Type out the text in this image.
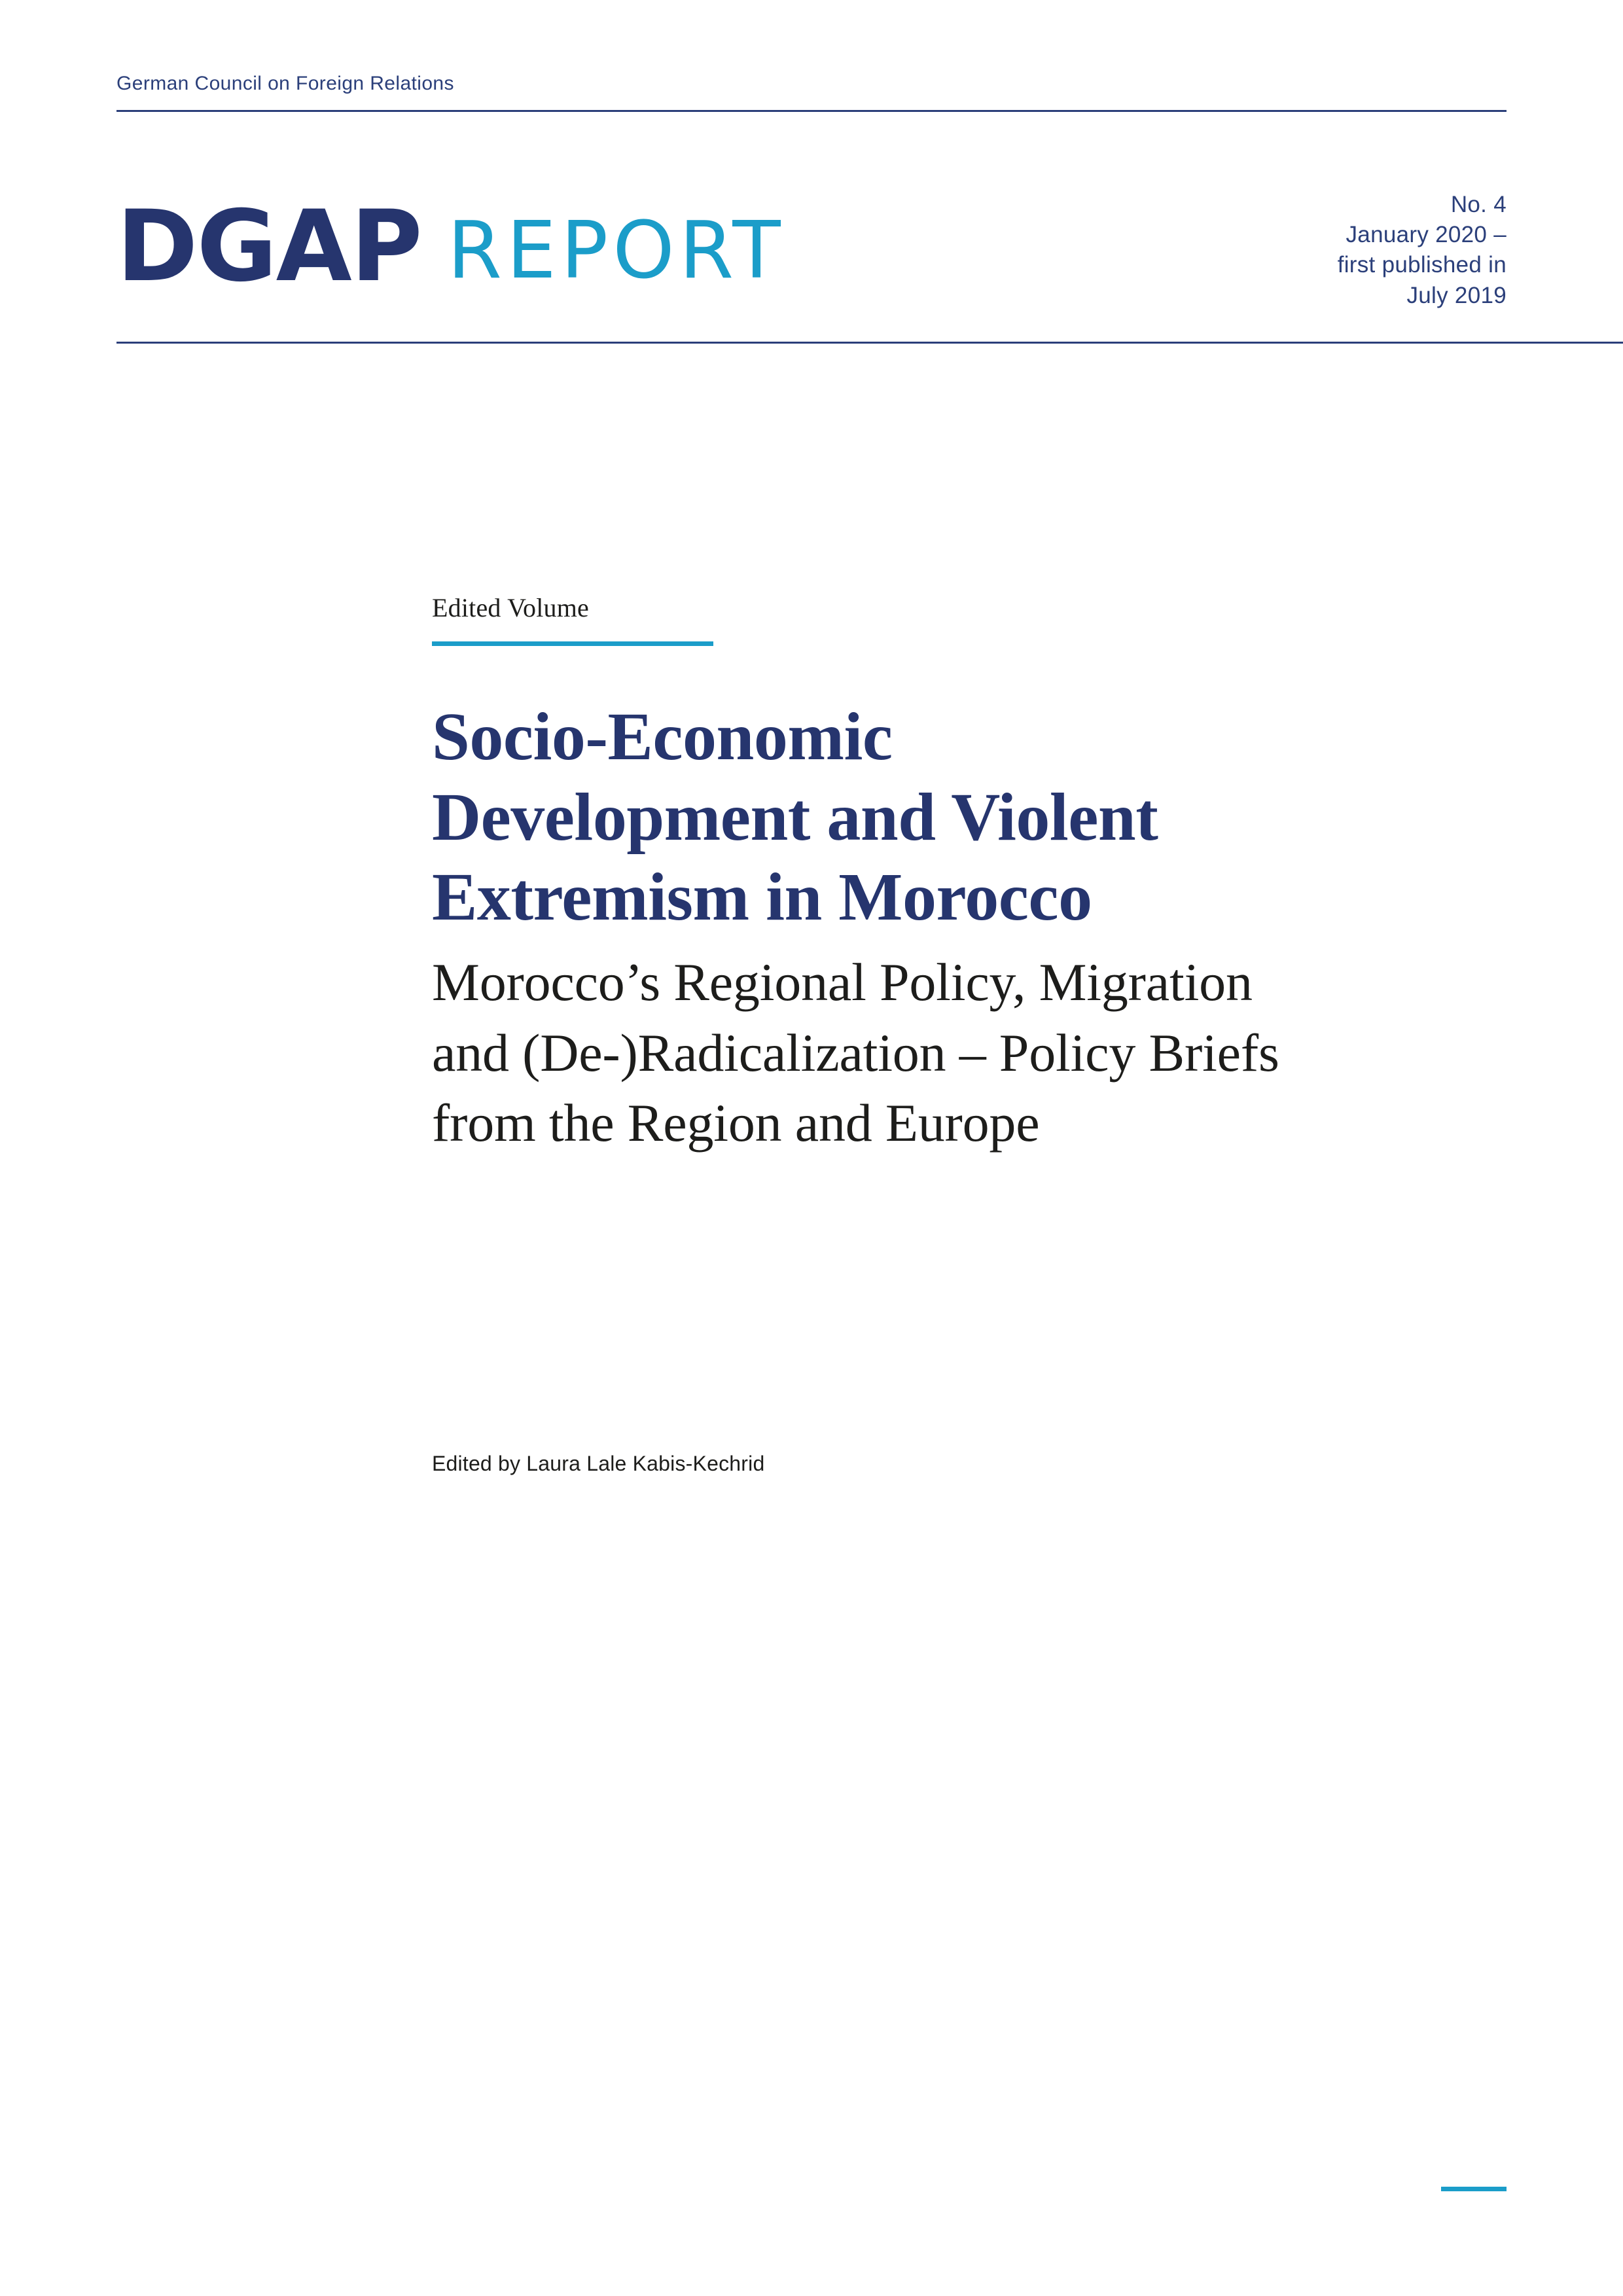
German Council on Foreign Relations
DGAP REPORT
No. 4
January 2020 –
first published in
July 2019
Edited Volume
Socio-Economic
Development and Violent
Extremism in Morocco
Morocco’s Regional Policy, Migration
and (De-)Radicalization – Policy Briefs
from the Region and Europe
Edited by Laura Lale Kabis-Kechrid
